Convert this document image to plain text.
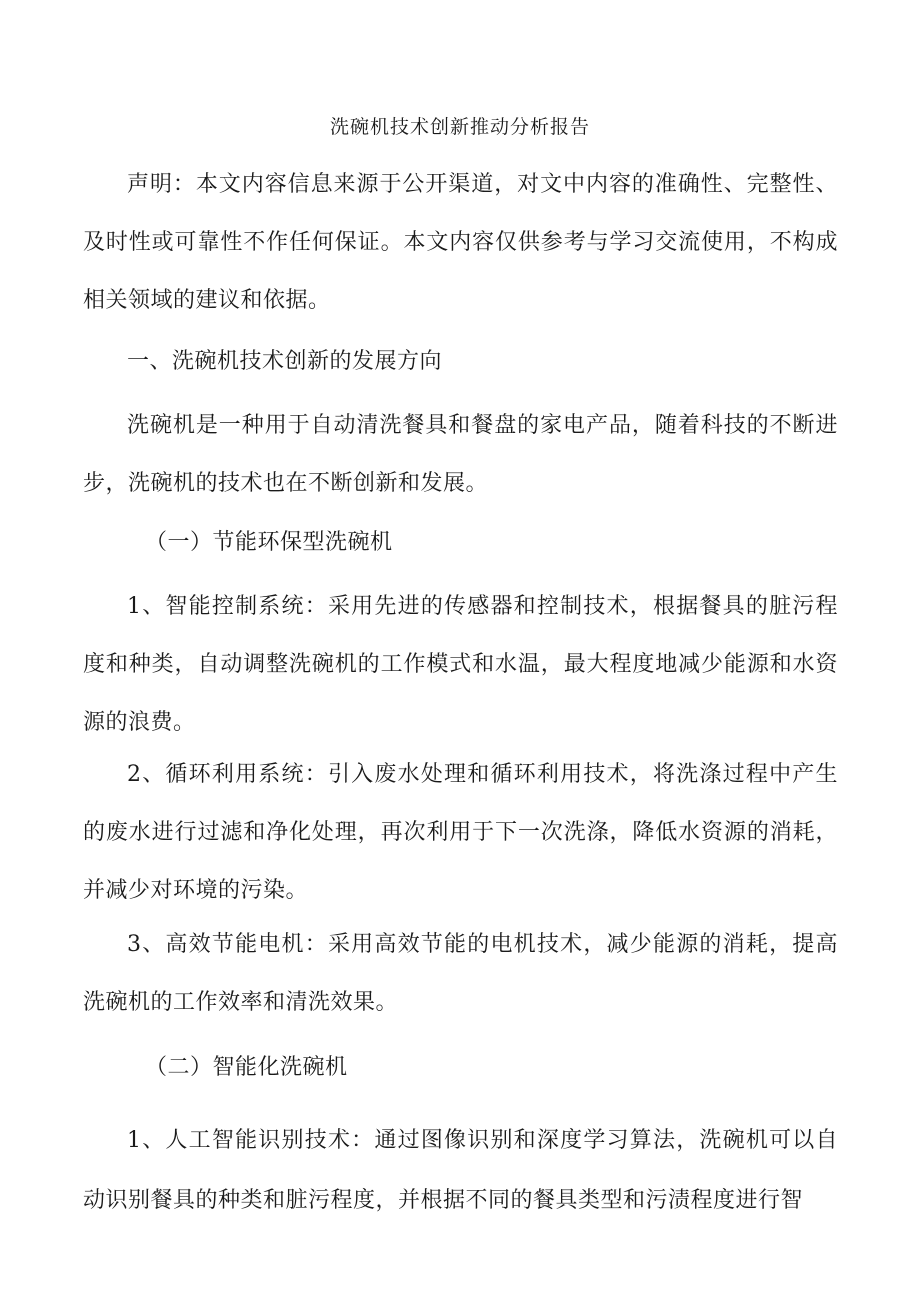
洗碗机技术创新推动分析报告

声明：本文内容信息来源于公开渠道，对文中内容的准确性、完整性、及时性或可靠性不作任何保证。本文内容仅供参考与学习交流使用，不构成相关领域的建议和依据。

一、洗碗机技术创新的发展方向

洗碗机是一种用于自动清洗餐具和餐盘的家电产品，随着科技的不断进步，洗碗机的技术也在不断创新和发展。

（一）节能环保型洗碗机

1、智能控制系统：采用先进的传感器和控制技术，根据餐具的脏污程度和种类，自动调整洗碗机的工作模式和水温，最大程度地减少能源和水资源的浪费。

2、循环利用系统：引入废水处理和循环利用技术，将洗涤过程中产生的废水进行过滤和净化处理，再次利用于下一次洗涤，降低水资源的消耗，并减少对环境的污染。

3、高效节能电机：采用高效节能的电机技术，减少能源的消耗，提高洗碗机的工作效率和清洗效果。

（二）智能化洗碗机

1、人工智能识别技术：通过图像识别和深度学习算法，洗碗机可以自动识别餐具的种类和脏污程度，并根据不同的餐具类型和污渍程度进行智
